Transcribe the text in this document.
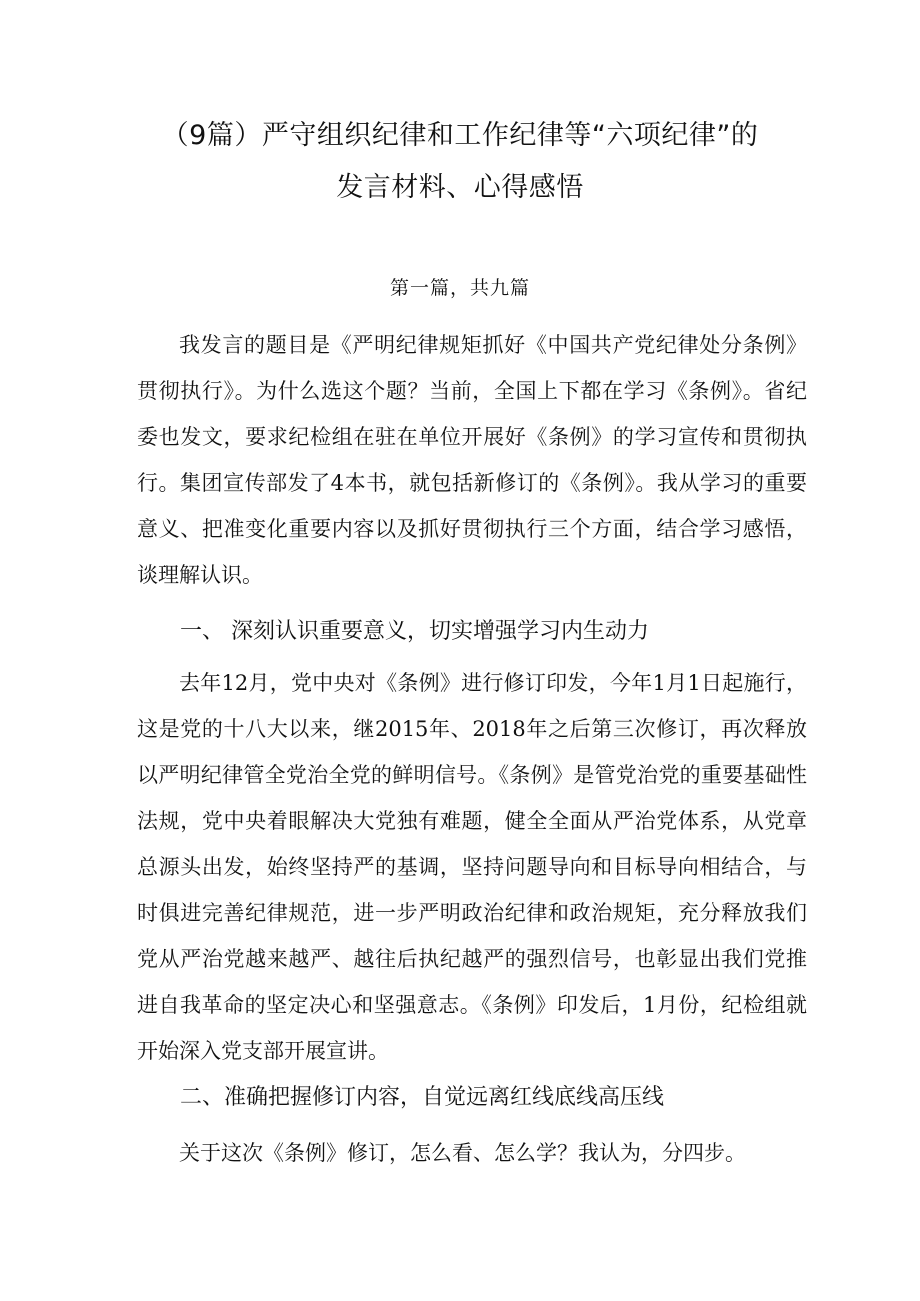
（9篇）严守组织纪律和工作纪律等“六项纪律”的
发言材料、心得感悟
第一篇，共九篇

我发言的题目是《严明纪律规矩抓好《中国共产党纪律处分条例》贯彻执行》。为什么选这个题？当前，全国上下都在学习《条例》。省纪委也发文，要求纪检组在驻在单位开展好《条例》的学习宣传和贯彻执行。集团宣传部发了4本书，就包括新修订的《条例》。我从学习的重要意义、把准变化重要内容以及抓好贯彻执行三个方面，结合学习感悟，谈理解认识。

一、 深刻认识重要意义，切实增强学习内生动力

去年12月，党中央对《条例》进行修订印发，今年1月1日起施行，这是党的十八大以来，继2015年、2018年之后第三次修订，再次释放以严明纪律管全党治全党的鲜明信号。《条例》是管党治党的重要基础性法规，党中央着眼解决大党独有难题，健全全面从严治党体系，从党章总源头出发，始终坚持严的基调，坚持问题导向和目标导向相结合，与时俱进完善纪律规范，进一步严明政治纪律和政治规矩，充分释放我们党从严治党越来越严、越往后执纪越严的强烈信号，也彰显出我们党推进自我革命的坚定决心和坚强意志。《条例》印发后，1月份，纪检组就开始深入党支部开展宣讲。

二、准确把握修订内容，自觉远离红线底线高压线

关于这次《条例》修订，怎么看、怎么学？我认为，分四步。
